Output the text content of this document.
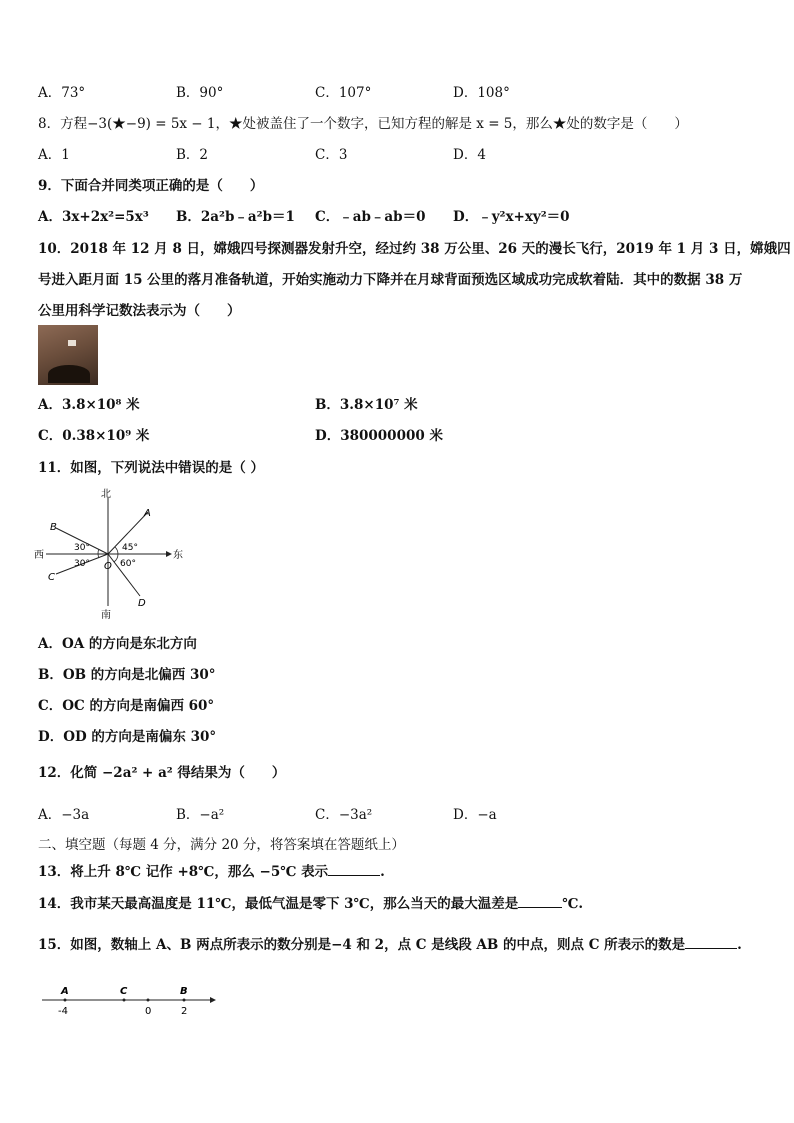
A．73°	B．90°	C．107°	D．108°
8．方程−3(★−9) = 5x − 1，★处被盖住了一个数字，已知方程的解是 x = 5，那么★处的数字是（　　）
A．1	B．2	C．3	D．4
9．下面合并同类项正确的是（　　）
A．3x+2x²=5x³ B．2a²b﹣a²b＝1 C．﹣ab﹣ab＝0 D．﹣y²x+xy²＝0
10．2018 年 12 月 8 日，嫦娥四号探测器发射升空，经过约 38 万公里、26 天的漫长飞行，2019 年 1 月 3 日，嫦娥四
号进入距月面 15 公里的落月准备轨道，开始实施动力下降并在月球背面预选区域成功完成软着陆．其中的数据 38 万
公里用科学记数法表示为（　　）
A．3.8×10⁸ 米	B．3.8×10⁷ 米
C．0.38×10⁹ 米	D．380000000 米
11．如图，下列说法中错误的是（ ）
北
南
西	东
A
B
C
D
O
30°
30°
45°
60°
A．OA 的方向是东北方向
B．OB 的方向是北偏西 30°
C．OC 的方向是南偏西 60°
D．OD 的方向是南偏东 30°
12．化简 −2a² + a² 得结果为（　　）
A．−3a	B．−a²	C．−3a²	D．−a
二、填空题（每题 4 分，满分 20 分，将答案填在答题纸上）
13．将上升 8℃ 记作 +8℃，那么 −5℃ 表示	.
14．我市某天最高温度是 11℃，最低气温是零下 3℃，那么当天的最大温差是	℃.
15．如图，数轴上 A、B 两点所表示的数分别是−4 和 2，点 C 是线段 AB 的中点，则点 C 所表示的数是	.
A	C	B
-4	0	2
